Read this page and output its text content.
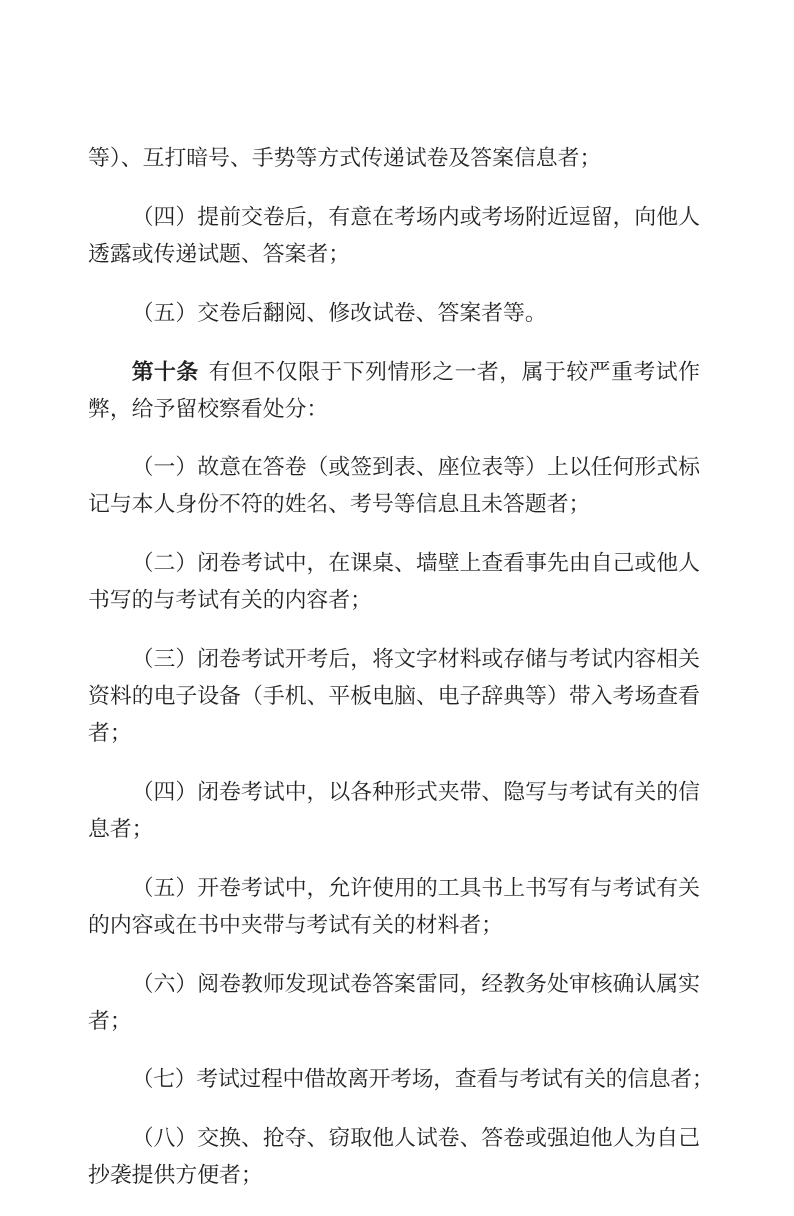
等）、互打暗号、手势等方式传递试卷及答案信息者；

（四）提前交卷后，有意在考场内或考场附近逗留，向他人
透露或传递试题、答案者；

（五）交卷后翻阅、修改试卷、答案者等。

第十条 有但不仅限于下列情形之一者，属于较严重考试作
弊，给予留校察看处分：

（一）故意在答卷（或签到表、座位表等）上以任何形式标
记与本人身份不符的姓名、考号等信息且未答题者；

（二）闭卷考试中，在课桌、墙壁上查看事先由自己或他人
书写的与考试有关的内容者；

（三）闭卷考试开考后，将文字材料或存储与考试内容相关
资料的电子设备（手机、平板电脑、电子辞典等）带入考场查看
者；

（四）闭卷考试中，以各种形式夹带、隐写与考试有关的信
息者；

（五）开卷考试中，允许使用的工具书上书写有与考试有关
的内容或在书中夹带与考试有关的材料者；

（六）阅卷教师发现试卷答案雷同，经教务处审核确认属实
者；

（七）考试过程中借故离开考场，查看与考试有关的信息者；

（八）交换、抢夺、窃取他人试卷、答卷或强迫他人为自己
抄袭提供方便者；
